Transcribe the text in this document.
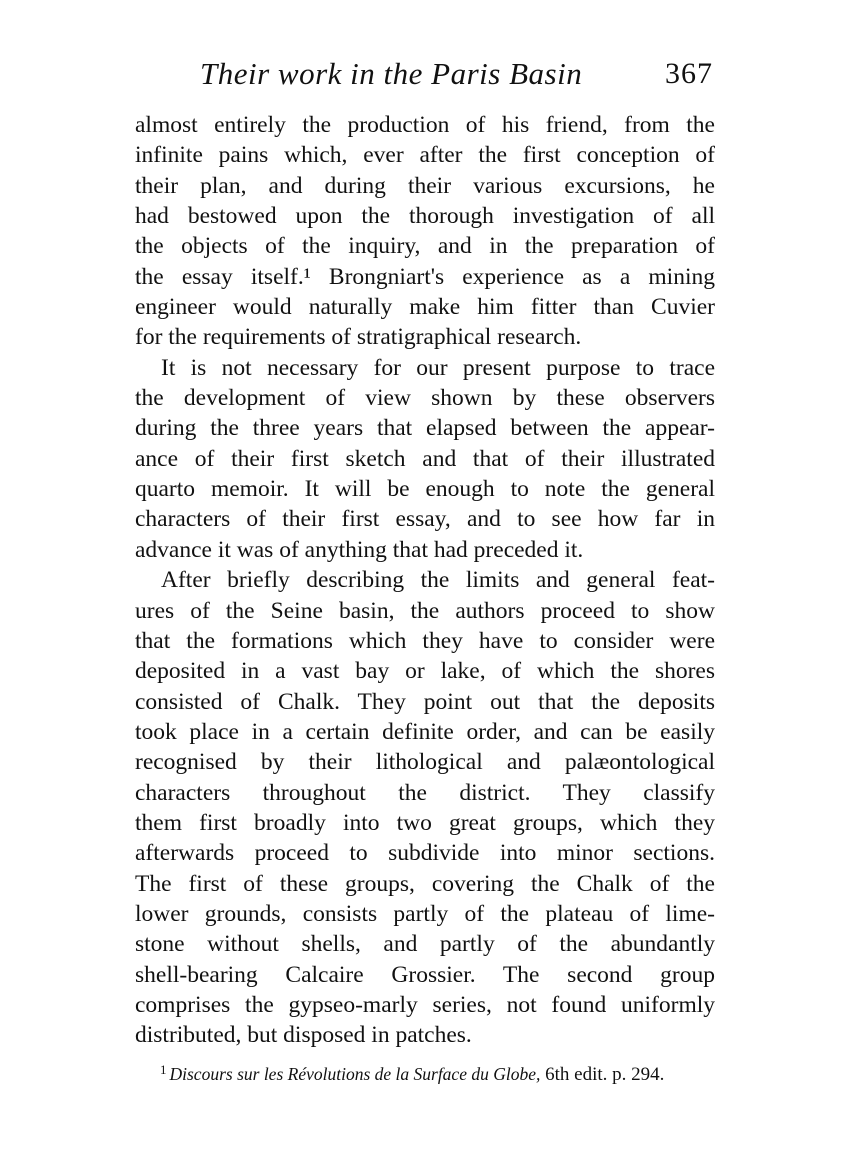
Their work in the Paris Basin	367
almost entirely the production of his friend, from the
infinite pains which, ever after the first conception of
their plan, and during their various excursions, he
had bestowed upon the thorough investigation of all
the objects of the inquiry, and in the preparation of
the essay itself.¹ Brongniart's experience as a mining
engineer would naturally make him fitter than Cuvier
for the requirements of stratigraphical research.
It is not necessary for our present purpose to trace
the development of view shown by these observers
during the three years that elapsed between the appear-
ance of their first sketch and that of their illustrated
quarto memoir. It will be enough to note the general
characters of their first essay, and to see how far in
advance it was of anything that had preceded it.
After briefly describing the limits and general feat-
ures of the Seine basin, the authors proceed to show
that the formations which they have to consider were
deposited in a vast bay or lake, of which the shores
consisted of Chalk. They point out that the deposits
took place in a certain definite order, and can be easily
recognised by their lithological and palæontological
characters throughout the district. They classify
them first broadly into two great groups, which they
afterwards proceed to subdivide into minor sections.
The first of these groups, covering the Chalk of the
lower grounds, consists partly of the plateau of lime-
stone without shells, and partly of the abundantly
shell-bearing Calcaire Grossier. The second group
comprises the gypseo-marly series, not found uniformly
distributed, but disposed in patches.
$^1$ Discours sur les Révolutions de la Surface du Globe, 6th edit. p. 294.
